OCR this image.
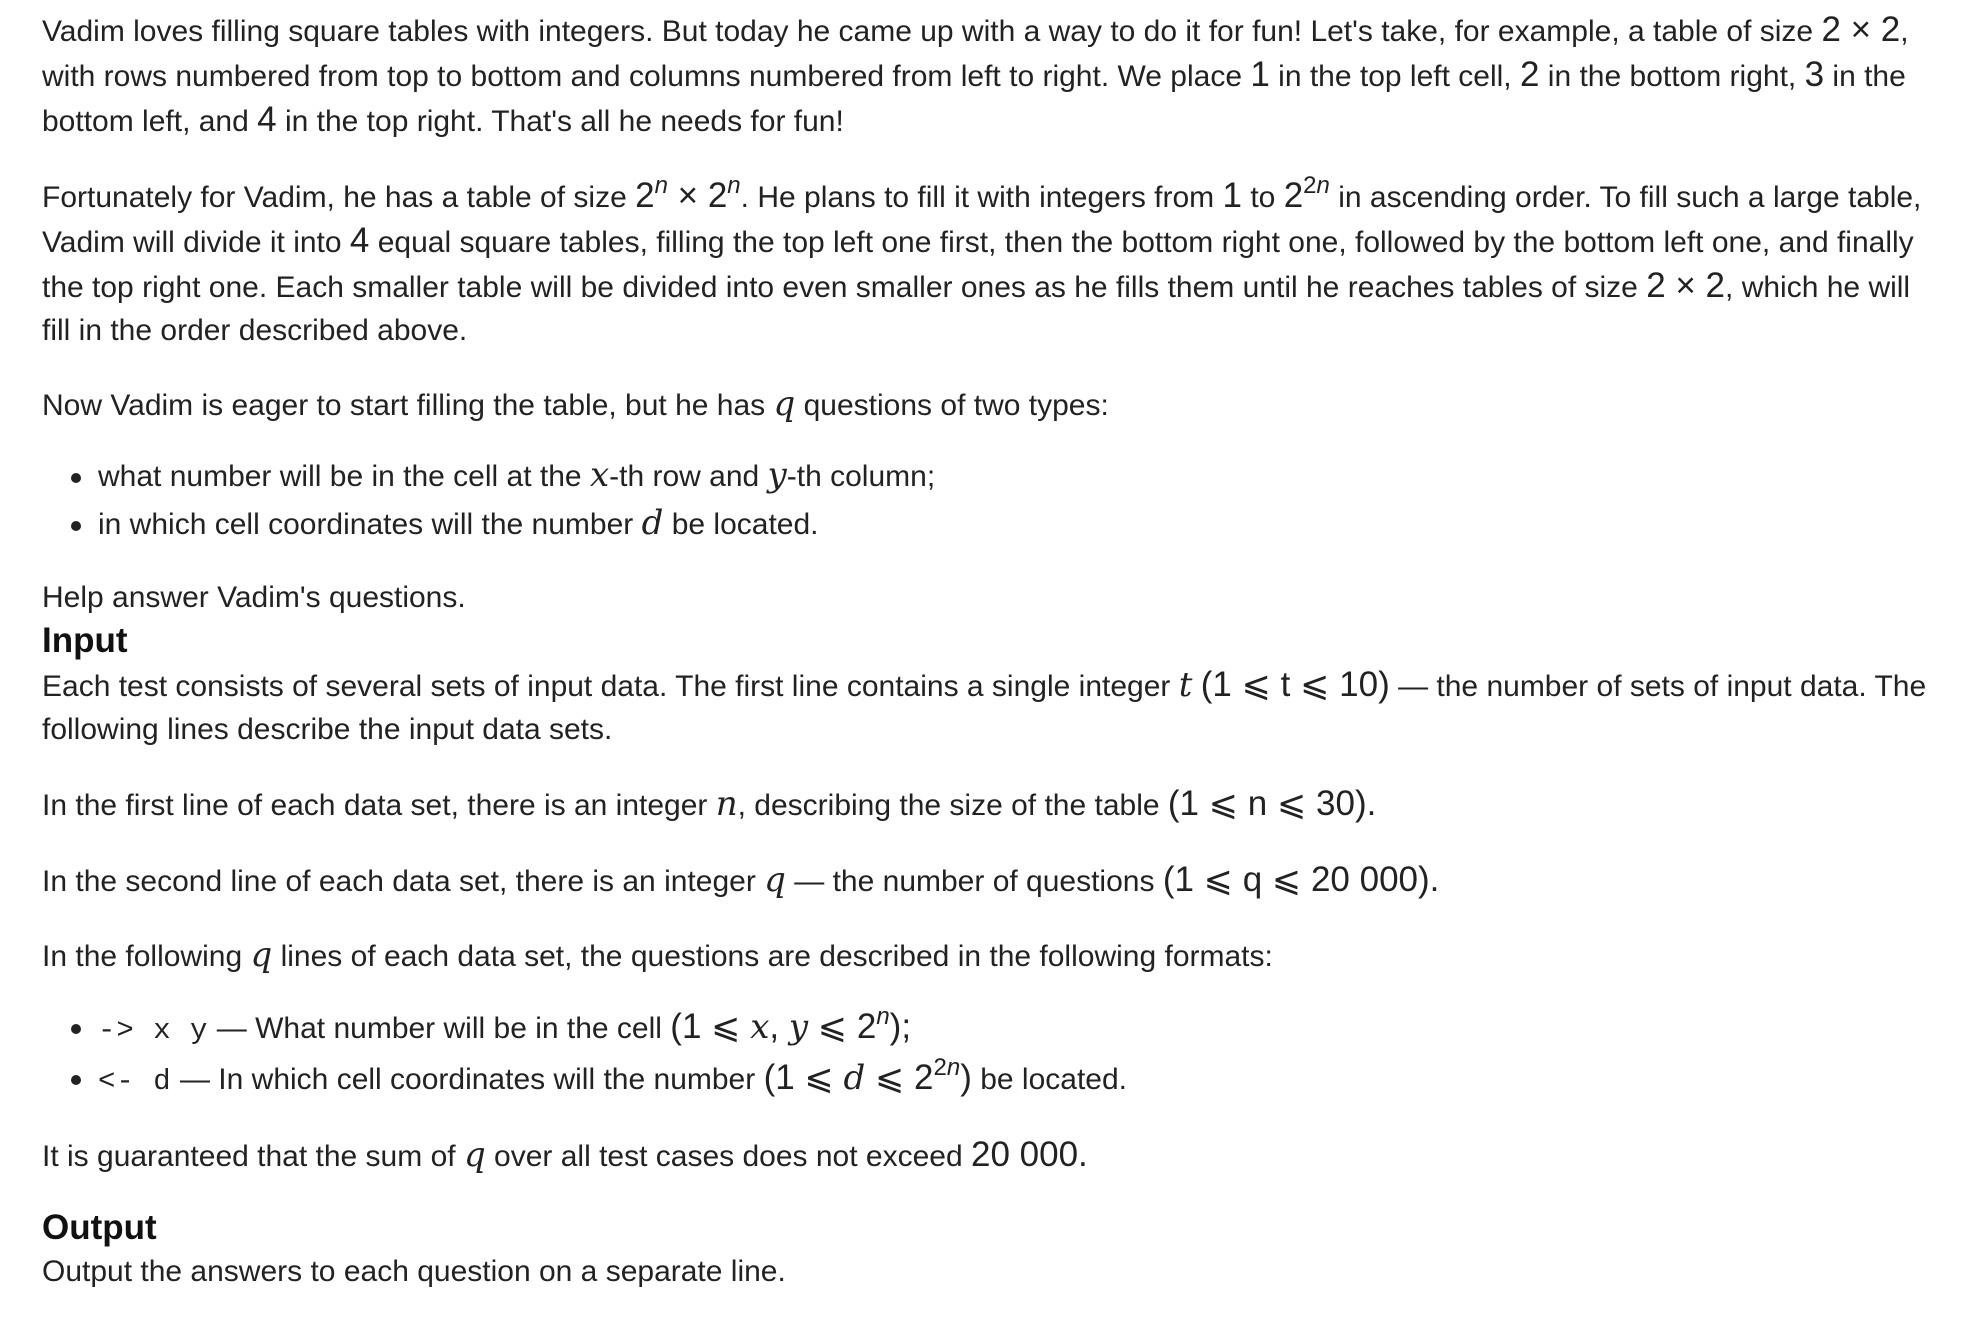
Vadim loves filling square tables with integers. But today he came up with a way to do it for fun! Let's take, for example, a table of size 2 × 2, with rows numbered from top to bottom and columns numbered from left to right. We place 1 in the top left cell, 2 in the bottom right, 3 in the bottom left, and 4 in the top right. That's all he needs for fun!

Fortunately for Vadim, he has a table of size $2^n \times 2^n$. He plans to fill it with integers from 1 to $2^{2n}$ in ascending order. To fill such a large table, Vadim will divide it into 4 equal square tables, filling the top left one first, then the bottom right one, followed by the bottom left one, and finally the top right one. Each smaller table will be divided into even smaller ones as he fills them until he reaches tables of size 2 × 2, which he will fill in the order described above.

Now Vadim is eager to start filling the table, but he has q questions of two types:

what number will be in the cell at the x-th row and y-th column;
in which cell coordinates will the number d be located.

Help answer Vadim's questions.

Input

Each test consists of several sets of input data. The first line contains a single integer t (1 ⩽ t ⩽ 10) — the number of sets of input data. The following lines describe the input data sets.

In the first line of each data set, there is an integer n, describing the size of the table (1 ⩽ n ⩽ 30).

In the second line of each data set, there is an integer q — the number of questions (1 ⩽ q ⩽ 20 000).

In the following q lines of each data set, the questions are described in the following formats:

-> x y — What number will be in the cell (1 ⩽ x, y ⩽ $2^n$);
<- d — In which cell coordinates will the number (1 ⩽ d ⩽ $2^{2n}$) be located.

It is guaranteed that the sum of q over all test cases does not exceed 20 000.

Output

Output the answers to each question on a separate line.
